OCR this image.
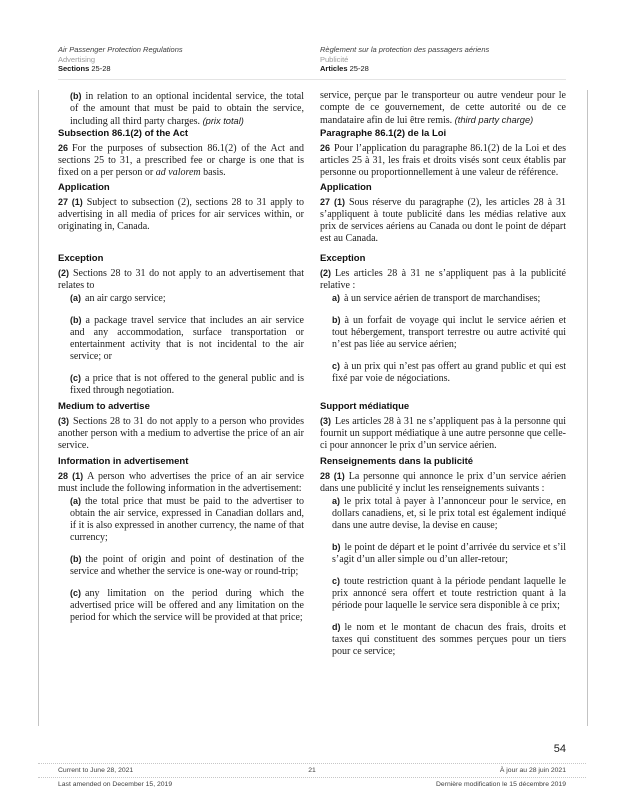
Air Passenger Protection Regulations
Advertising
Sections 25-28
Règlement sur la protection des passagers aériens
Publicité
Articles 25-28

(b) in relation to an optional incidental service, the total of the amount that must be paid to obtain the service, including all third party charges. (prix total)

service, perçue par le transporteur ou autre vendeur pour le compte de ce gouvernement, de cette autorité ou de ce mandataire afin de lui être remis. (third party charge)

Subsection 86.1(2) of the Act

26 For the purposes of subsection 86.1(2) of the Act and sections 25 to 31, a prescribed fee or charge is one that is fixed on a per person or ad valorem basis.

Paragraphe 86.1(2) de la Loi

26 Pour l’application du paragraphe 86.1(2) de la Loi et des articles 25 à 31, les frais et droits visés sont ceux établis par personne ou proportionnellement à une valeur de référence.

Application

27 (1) Subject to subsection (2), sections 28 to 31 apply to advertising in all media of prices for air services within, or originating in, Canada.

Application

27 (1) Sous réserve du paragraphe (2), les articles 28 à 31 s’appliquent à toute publicité dans les médias relative aux prix de services aériens au Canada ou dont le point de départ est au Canada.

Exception

(2) Sections 28 to 31 do not apply to an advertisement that relates to

Exception

(2) Les articles 28 à 31 ne s’appliquent pas à la publicité relative :

(a) an air cargo service;

(b) a package travel service that includes an air service and any accommodation, surface transportation or entertainment activity that is not incidental to the air service; or

(c) a price that is not offered to the general public and is fixed through negotiation.

a) à un service aérien de transport de marchandises;

b) à un forfait de voyage qui inclut le service aérien et tout hébergement, transport terrestre ou autre activité qui n’est pas liée au service aérien;

c) à un prix qui n’est pas offert au grand public et qui est fixé par voie de négociations.

Medium to advertise

(3) Sections 28 to 31 do not apply to a person who provides another person with a medium to advertise the price of an air service.

Support médiatique

(3) Les articles 28 à 31 ne s’appliquent pas à la personne qui fournit un support médiatique à une autre personne que celle-ci pour annoncer le prix d’un service aérien.

Information in advertisement

28 (1) A person who advertises the price of an air service must include the following information in the advertisement:

Renseignements dans la publicité

28 (1) La personne qui annonce le prix d’un service aérien dans une publicité y inclut les renseignements suivants :

(a) the total price that must be paid to the advertiser to obtain the air service, expressed in Canadian dollars and, if it is also expressed in another currency, the name of that currency;

(b) the point of origin and point of destination of the service and whether the service is one-way or round-trip;

(c) any limitation on the period during which the advertised price will be offered and any limitation on the period for which the service will be provided at that price;

a) le prix total à payer à l’annonceur pour le service, en dollars canadiens, et, si le prix total est également indiqué dans une autre devise, la devise en cause;

b) le point de départ et le point d’arrivée du service et s’il s’agit d’un aller simple ou d’un aller-retour;

c) toute restriction quant à la période pendant laquelle le prix annoncé sera offert et toute restriction quant à la période pour laquelle le service sera disponible à ce prix;

d) le nom et le montant de chacun des frais, droits et taxes qui constituent des sommes perçues pour un tiers pour ce service;

54
Current to June 28, 2021	21	À jour au 28 juin 2021
Last amended on December 15, 2019	Dernière modification le 15 décembre 2019
